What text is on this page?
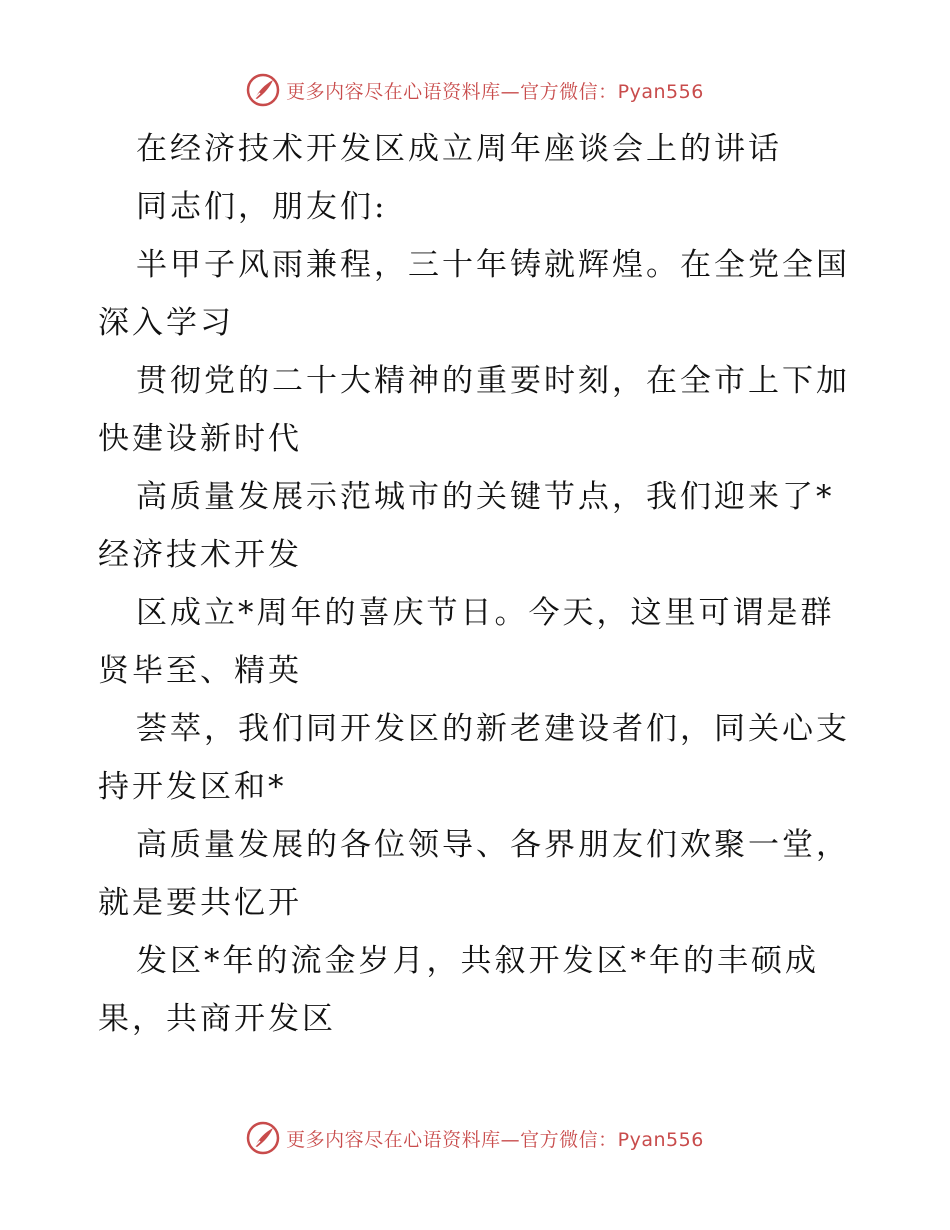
更多内容尽在心语资料库—官方微信：Pyan556
在经济技术开发区成立周年座谈会上的讲话
同志们，朋友们:
半甲子风雨兼程，三十年铸就辉煌。在全党全国
深入学习
贯彻党的二十大精神的重要时刻，在全市上下加
快建设新时代
高质量发展示范城市的关键节点，我们迎来了*
经济技术开发
区成立*周年的喜庆节日。今天，这里可谓是群
贤毕至、精英
荟萃，我们同开发区的新老建设者们，同关心支
持开发区和*
高质量发展的各位领导、各界朋友们欢聚一堂，
就是要共忆开
发区*年的流金岁月，共叙开发区*年的丰硕成
果，共商开发区
更多内容尽在心语资料库—官方微信：Pyan556
